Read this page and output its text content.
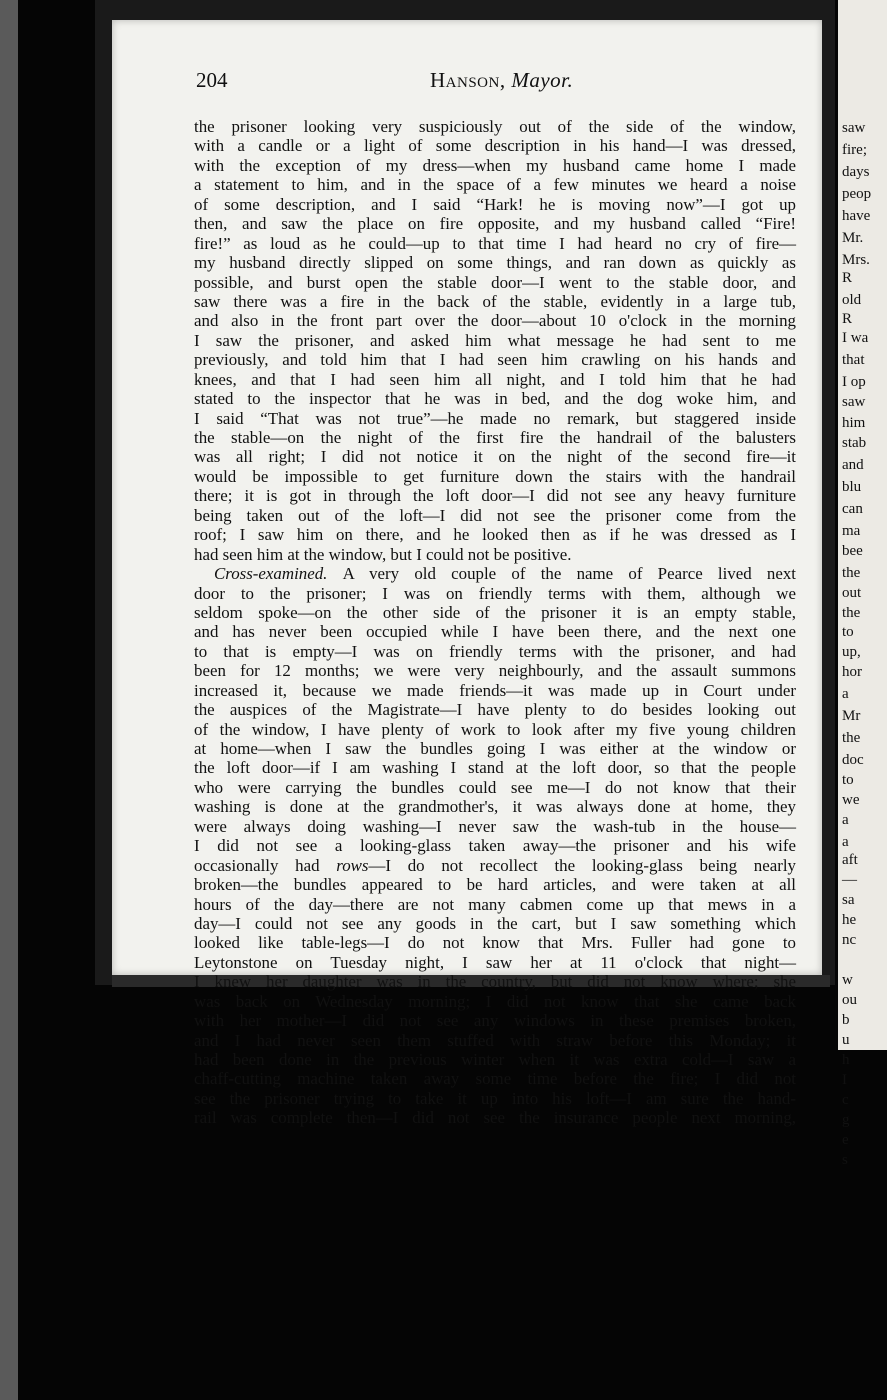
saw
fire;
days
peop
have
Mr.
Mrs.
R
old
R
I wa
that
I op
saw
him
stab
and
blu
can
ma
bee
the
out
the
to
up,
hor
a
Mr
the
doc
to
we
a
a
aft
—
sa
he
nc
w
ou
b
u
h
I
c
g
e
s
204	Hanson, Mayor.
the prisoner looking very suspiciously out of the side of the window,
with a candle or a light of some description in his hand—I was dressed,
with the exception of my dress—when my husband came home I made
a statement to him, and in the space of a few minutes we heard a noise
of some description, and I said “Hark! he is moving now”—I got up
then, and saw the place on fire opposite, and my husband called “Fire!
fire!” as loud as he could—up to that time I had heard no cry of fire—
my husband directly slipped on some things, and ran down as quickly as
possible, and burst open the stable door—I went to the stable door, and
saw there was a fire in the back of the stable, evidently in a large tub,
and also in the front part over the door—about 10 o'clock in the morning
I saw the prisoner, and asked him what message he had sent to me
previously, and told him that I had seen him crawling on his hands and
knees, and that I had seen him all night, and I told him that he had
stated to the inspector that he was in bed, and the dog woke him, and
I said “That was not true”—he made no remark, but staggered inside
the stable—on the night of the first fire the handrail of the balusters
was all right; I did not notice it on the night of the second fire—it
would be impossible to get furniture down the stairs with the handrail
there; it is got in through the loft door—I did not see any heavy furniture
being taken out of the loft—I did not see the prisoner come from the
roof; I saw him on there, and he looked then as if he was dressed as I
had seen him at the window, but I could not be positive.
Cross-examined. A very old couple of the name of Pearce lived next
door to the prisoner; I was on friendly terms with them, although we
seldom spoke—on the other side of the prisoner it is an empty stable,
and has never been occupied while I have been there, and the next one
to that is empty—I was on friendly terms with the prisoner, and had
been for 12 months; we were very neighbourly, and the assault summons
increased it, because we made friends—it was made up in Court under
the auspices of the Magistrate—I have plenty to do besides looking out
of the window, I have plenty of work to look after my five young children
at home—when I saw the bundles going I was either at the window or
the loft door—if I am washing I stand at the loft door, so that the people
who were carrying the bundles could see me—I do not know that their
washing is done at the grandmother's, it was always done at home, they
were always doing washing—I never saw the wash-tub in the house—
I did not see a looking-glass taken away—the prisoner and his wife
occasionally had rows—I do not recollect the looking-glass being nearly
broken—the bundles appeared to be hard articles, and were taken at all
hours of the day—there are not many cabmen come up that mews in a
day—I could not see any goods in the cart, but I saw something which
looked like table-legs—I do not know that Mrs. Fuller had gone to
Leytonstone on Tuesday night, I saw her at 11 o'clock that night—
I knew her daughter was in the country, but did not know where; she
was back on Wednesday morning; I did not know that she came back
with her mother—I did not see any windows in these premises broken,
and I had never seen them stuffed with straw before this Monday; it
had been done in the previous winter when it was extra cold—I saw a
chaff-cutting machine taken away some time before the fire; I did not
see the prisoner trying to take it up into his loft—I am sure the hand-
rail was complete then—I did not see the insurance people next morning,
